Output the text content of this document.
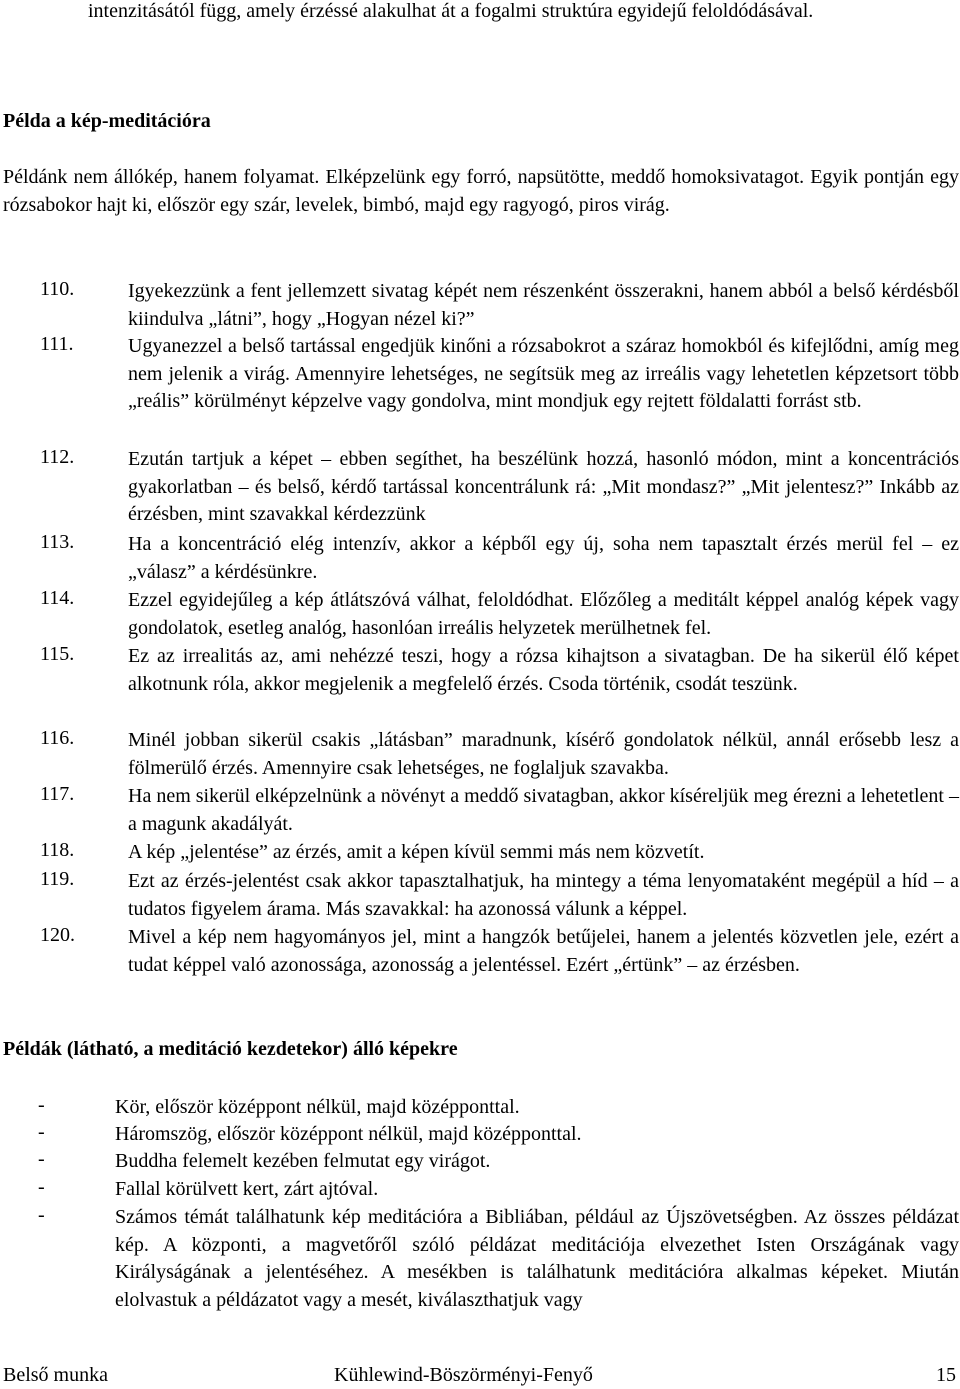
intenzitásától függ, amely érzéssé alakulhat át a fogalmi struktúra egyidejű feloldódásával.
Példa a kép-meditációra
Példánk nem állókép, hanem folyamat. Elképzelünk egy forró, napsütötte, meddő homoksivatagot. Egyik pontján egy rózsabokor hajt ki, először egy szár, levelek, bimbó, majd egy ragyogó, piros virág.
110.	Igyekezzünk a fent jellemzett sivatag képét nem részenként összerakni, hanem abból a belső kérdésből kiindulva „látni”, hogy „Hogyan nézel ki?”
111.	Ugyanezzel a belső tartással engedjük kinőni a rózsabokrot a száraz homokból és kifejlődni, amíg meg nem jelenik a virág. Amennyire lehetséges, ne segítsük meg az irreális vagy lehetetlen képzetsort több „reális” körülményt képzelve vagy gondolva, mint mondjuk egy rejtett földalatti forrást stb.
112.	Ezután tartjuk a képet – ebben segíthet, ha beszélünk hozzá, hasonló módon, mint a koncentrációs gyakorlatban – és belső, kérdő tartással koncentrálunk rá: „Mit mondasz?” „Mit jelentesz?” Inkább az érzésben, mint szavakkal kérdezzünk
113.	Ha a koncentráció elég intenzív, akkor a képből egy új, soha nem tapasztalt érzés merül fel – ez „válasz” a kérdésünkre.
114.	Ezzel egyidejűleg a kép átlátszóvá válhat, feloldódhat. Előzőleg a meditált képpel analóg képek vagy gondolatok, esetleg analóg, hasonlóan irreális helyzetek merülhetnek fel.
115.	Ez az irrealitás az, ami nehézzé teszi, hogy a rózsa kihajtson a sivatagban. De ha sikerül élő képet alkotnunk róla, akkor megjelenik a megfelelő érzés. Csoda történik, csodát teszünk.
116.	Minél jobban sikerül csakis „látásban” maradnunk, kísérő gondolatok nélkül, annál erősebb lesz a fölmerülő érzés. Amennyire csak lehetséges, ne foglaljuk szavakba.
117.	Ha nem sikerül elképzelnünk a növényt a meddő sivatagban, akkor kíséreljük meg érezni a lehetetlent – a magunk akadályát.
118.	A kép „jelentése” az érzés, amit a képen kívül semmi más nem közvetít.
119.	Ezt az érzés-jelentést csak akkor tapasztalhatjuk, ha mintegy a téma lenyomataként megépül a híd – a tudatos figyelem árama. Más szavakkal: ha azonossá válunk a képpel.
120.	Mivel a kép nem hagyományos jel, mint a hangzók betűjelei, hanem a jelentés közvetlen jele, ezért a tudat képpel való azonossága, azonosság a jelentéssel. Ezért „értünk” – az érzésben.
Példák (látható, a meditáció kezdetekor) álló képekre
-	Kör, először középpont nélkül, majd középponttal.
-	Háromszög, először középpont nélkül, majd középponttal.
-	Buddha felemelt kezében felmutat egy virágot.
-	Fallal körülvett kert, zárt ajtóval.
-	Számos témát találhatunk kép meditációra a Bibliában, például az Újszövetségben. Az összes példázat kép. A központi, a magvetőről szóló példázat meditációja elvezethet Isten Országának vagy Királyságának a jelentéséhez. A mesékben is találhatunk meditációra alkalmas képeket. Miután elolvastuk a példázatot vagy a mesét, kiválaszthatjuk vagy
Belső munka	Kühlewind-Böszörményi-Fenyő	15
